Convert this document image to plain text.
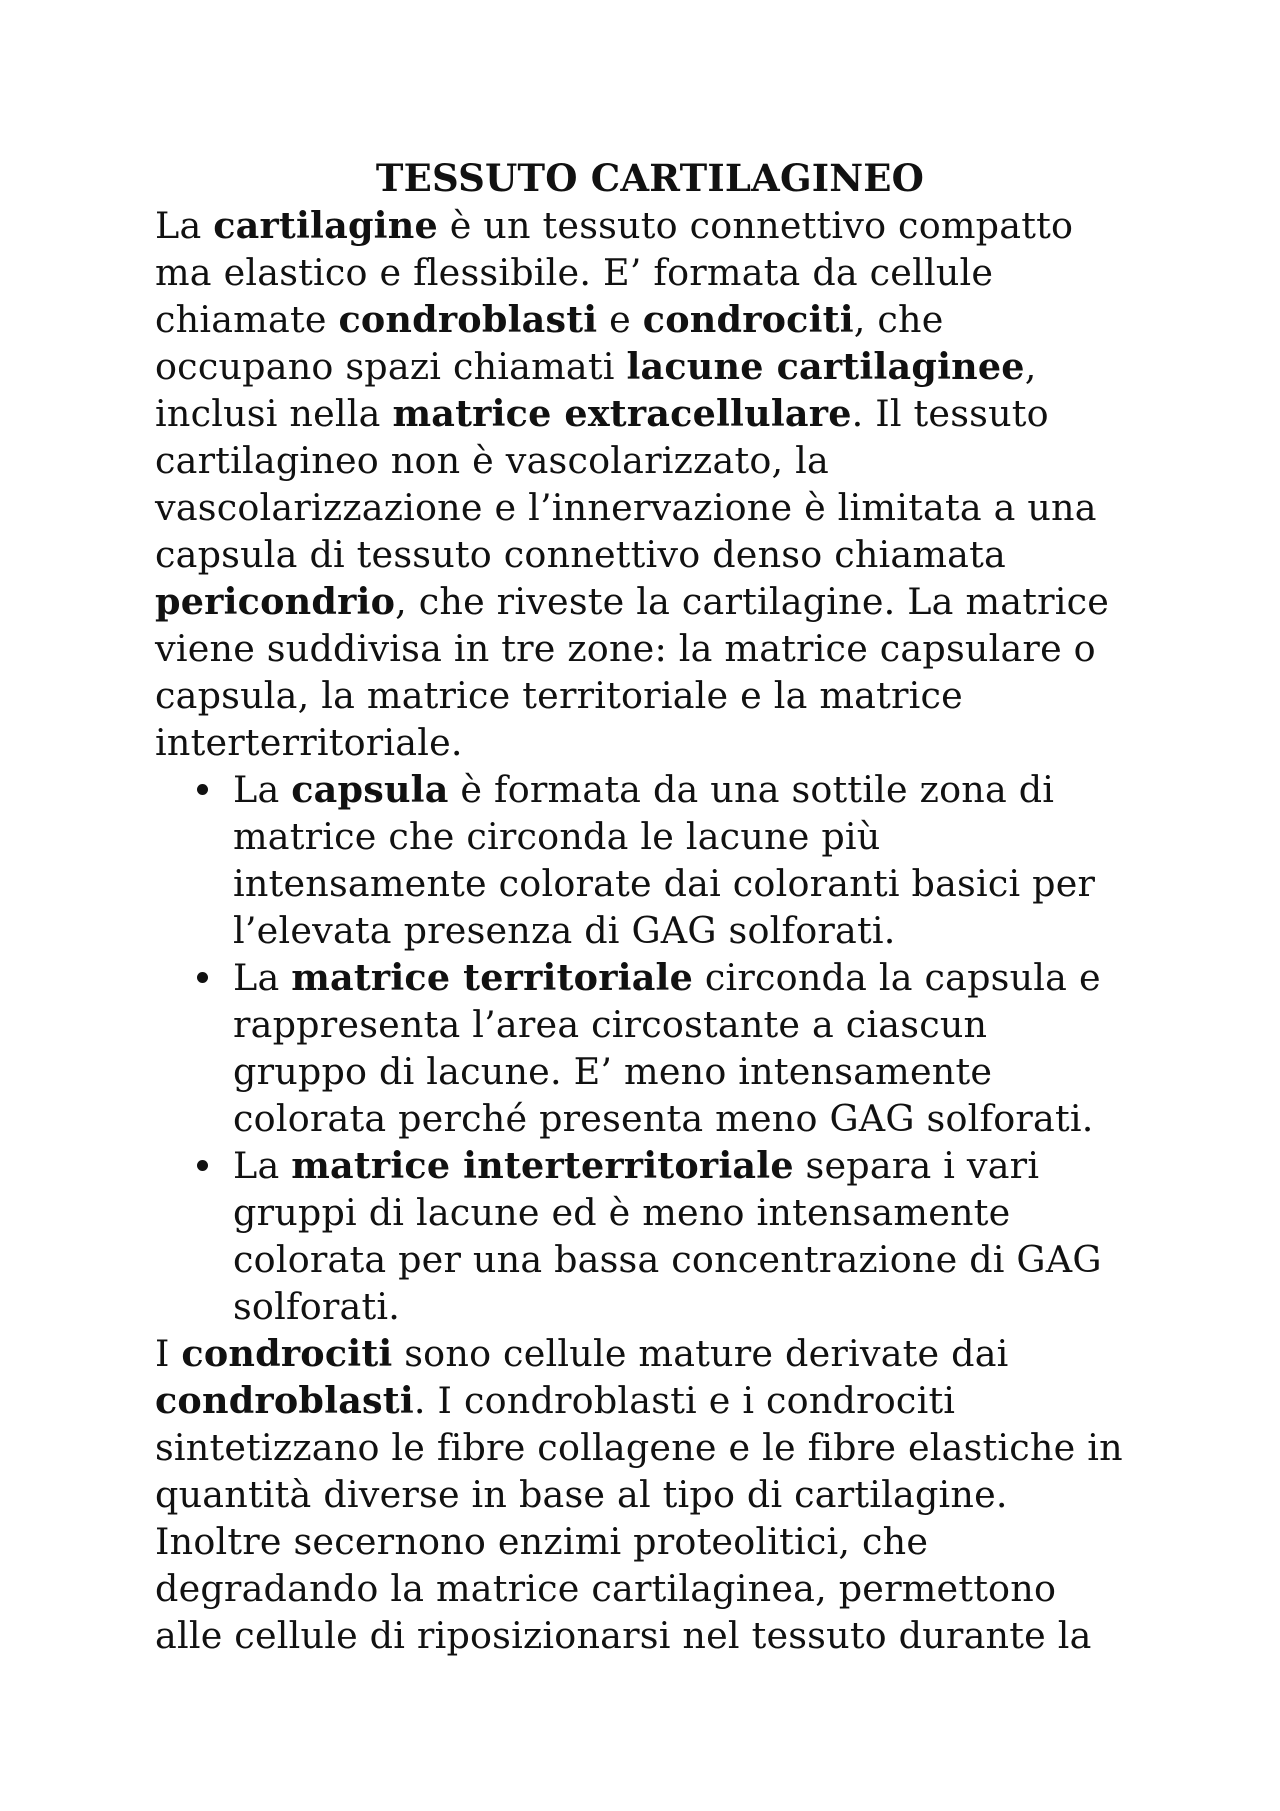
TESSUTO CARTILAGINEO
La cartilagine è un tessuto connettivo compatto
ma elastico e flessibile. E’ formata da cellule
chiamate condroblasti e condrociti, che
occupano spazi chiamati lacune cartilaginee,
inclusi nella matrice extracellulare. Il tessuto
cartilagineo non è vascolarizzato, la
vascolarizzazione e l’innervazione è limitata a una
capsula di tessuto connettivo denso chiamata
pericondrio, che riveste la cartilagine. La matrice
viene suddivisa in tre zone: la matrice capsulare o
capsula, la matrice territoriale e la matrice
interterritoriale.
La capsula è formata da una sottile zona di
matrice che circonda le lacune più
intensamente colorate dai coloranti basici per
l’elevata presenza di GAG solforati.
La matrice territoriale circonda la capsula e
rappresenta l’area circostante a ciascun
gruppo di lacune. E’ meno intensamente
colorata perché presenta meno GAG solforati.
La matrice interterritoriale separa i vari
gruppi di lacune ed è meno intensamente
colorata per una bassa concentrazione di GAG
solforati.
I condrociti sono cellule mature derivate dai
condroblasti. I condroblasti e i condrociti
sintetizzano le fibre collagene e le fibre elastiche in
quantità diverse in base al tipo di cartilagine.
Inoltre secernono enzimi proteolitici, che
degradando la matrice cartilaginea, permettono
alle cellule di riposizionarsi nel tessuto durante la
